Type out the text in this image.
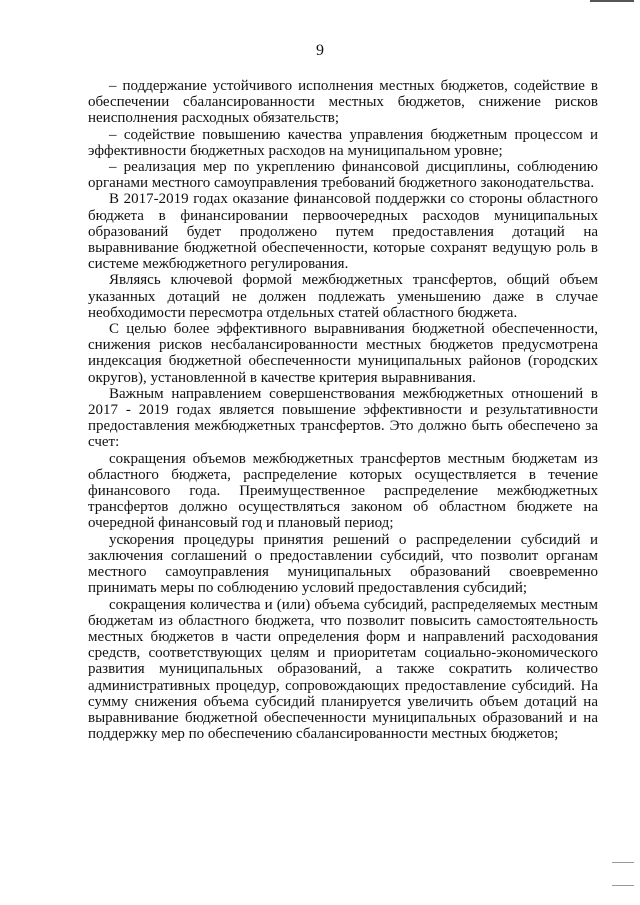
9

– поддержание устойчивого исполнения местных бюджетов, содействие в обеспечении сбалансированности местных бюджетов, снижение рисков неисполнения расходных обязательств;

– содействие повышению качества управления бюджетным процессом и эффективности бюджетных расходов на муниципальном уровне;

– реализация мер по укреплению финансовой дисциплины, соблюдению органами местного самоуправления требований бюджетного законодательства.

В 2017-2019 годах оказание финансовой поддержки со стороны областного бюджета в финансировании первоочередных расходов муниципальных образований будет продолжено путем предоставления дотаций на выравнивание бюджетной обеспеченности, которые сохранят ведущую роль в системе межбюджетного регулирования.

Являясь ключевой формой межбюджетных трансфертов, общий объем указанных дотаций не должен подлежать уменьшению даже в случае необходимости пересмотра отдельных статей областного бюджета.

С целью более эффективного выравнивания бюджетной обеспеченности, снижения рисков несбалансированности местных бюджетов предусмотрена индексация бюджетной обеспеченности муниципальных районов (городских округов), установленной в качестве критерия выравнивания.

Важным направлением совершенствования межбюджетных отношений в 2017 - 2019 годах является повышение эффективности и результативности предоставления межбюджетных трансфертов. Это должно быть обеспечено за счет:

сокращения объемов межбюджетных трансфертов местным бюджетам из областного бюджета, распределение которых осуществляется в течение финансового года. Преимущественное распределение межбюджетных трансфертов должно осуществляться законом об областном бюджете на очередной финансовый год и плановый период;

ускорения процедуры принятия решений о распределении субсидий и заключения соглашений о предоставлении субсидий, что позволит органам местного самоуправления муниципальных образований своевременно принимать меры по соблюдению условий предоставления субсидий;

сокращения количества и (или) объема субсидий, распределяемых местным бюджетам из областного бюджета, что позволит повысить самостоятельность местных бюджетов в части определения форм и направлений расходования средств, соответствующих целям и приоритетам социально-экономического развития муниципальных образований, а также сократить количество административных процедур, сопровождающих предоставление субсидий. На сумму снижения объема субсидий планируется увеличить объем дотаций на выравнивание бюджетной обеспеченности муниципальных образований и на поддержку мер по обеспечению сбалансированности местных бюджетов;
